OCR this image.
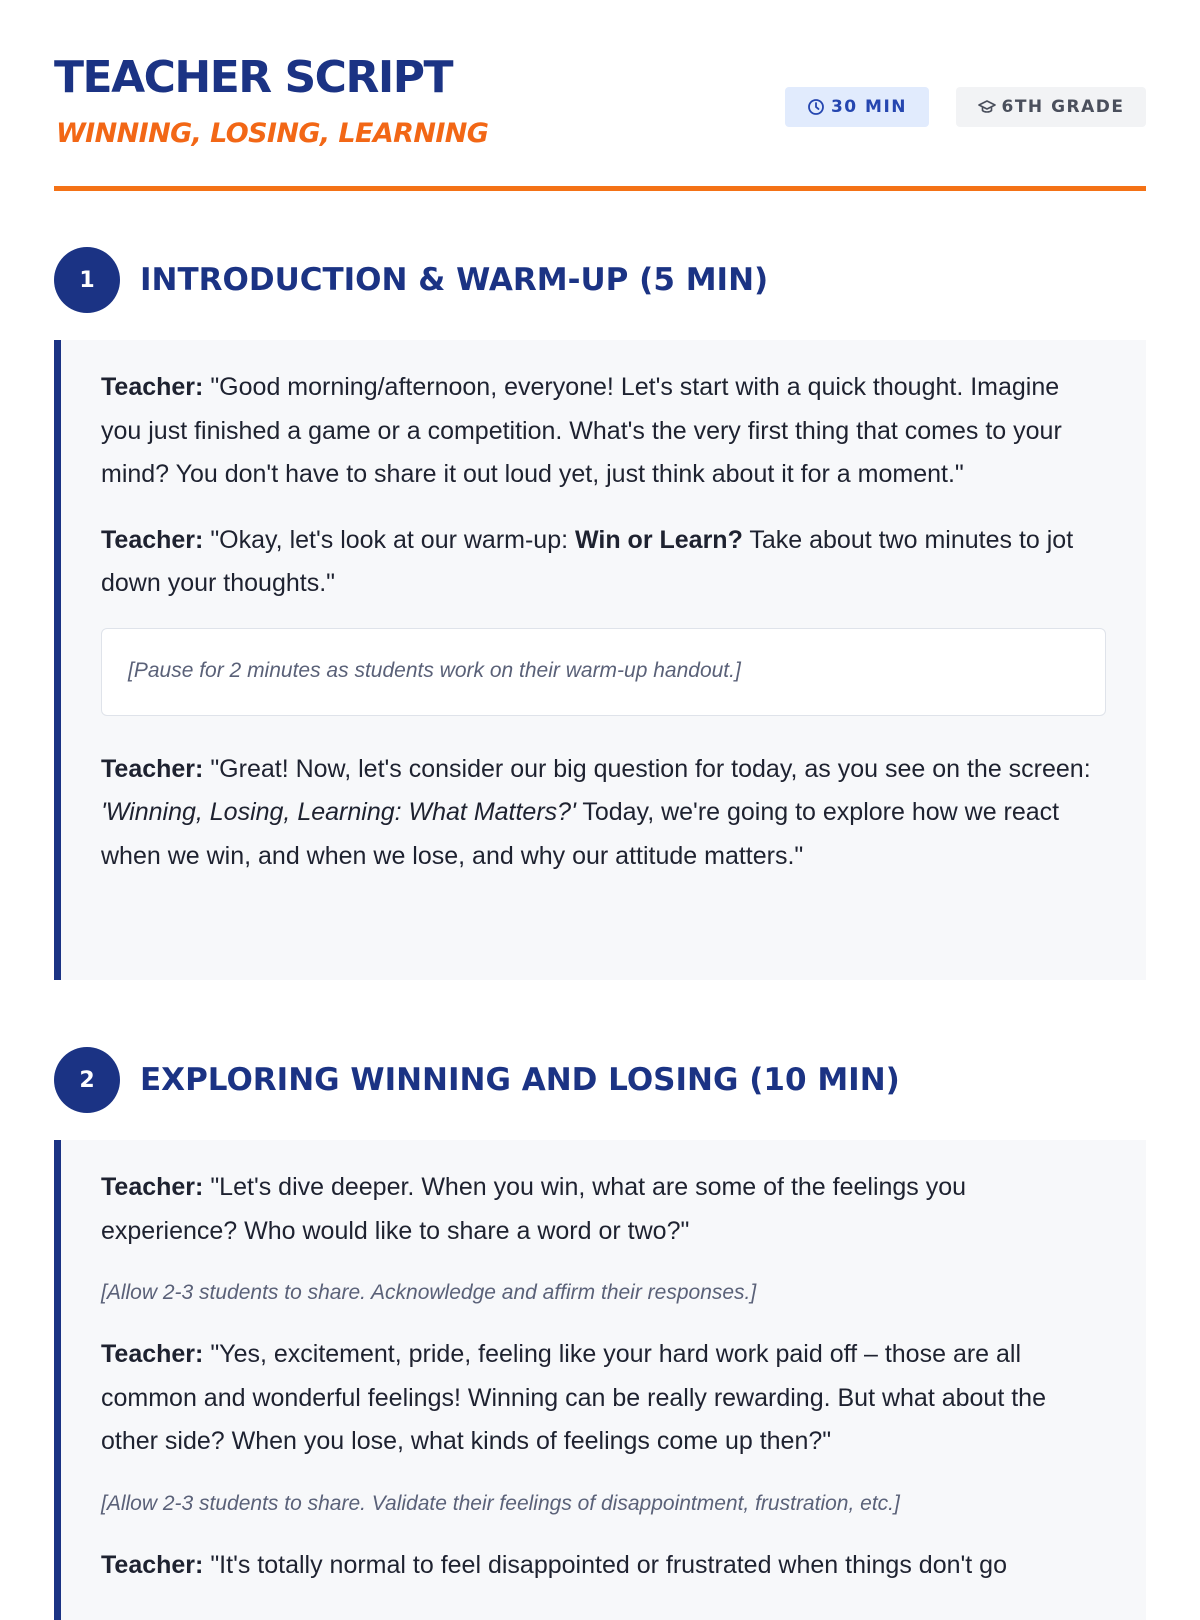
TEACHER SCRIPT
WINNING, LOSING, LEARNING
30 MIN	6TH GRADE
1	INTRODUCTION & WARM-UP (5 MIN)

Teacher: "Good morning/afternoon, everyone! Let's start with a quick thought. Imagine you just finished a game or a competition. What's the very first thing that comes to your mind? You don't have to share it out loud yet, just think about it for a moment."

Teacher: "Okay, let's look at our warm-up: Win or Learn? Take about two minutes to jot down your thoughts."

[Pause for 2 minutes as students work on their warm-up handout.]

Teacher: "Great! Now, let's consider our big question for today, as you see on the screen: 'Winning, Losing, Learning: What Matters?' Today, we're going to explore how we react when we win, and when we lose, and why our attitude matters."

2	EXPLORING WINNING AND LOSING (10 MIN)

Teacher: "Let's dive deeper. When you win, what are some of the feelings you experience? Who would like to share a word or two?"

[Allow 2-3 students to share. Acknowledge and affirm their responses.]

Teacher: "Yes, excitement, pride, feeling like your hard work paid off – those are all common and wonderful feelings! Winning can be really rewarding. But what about the other side? When you lose, what kinds of feelings come up then?"

[Allow 2-3 students to share. Validate their feelings of disappointment, frustration, etc.]

Teacher: "It's totally normal to feel disappointed or frustrated when things don't go
